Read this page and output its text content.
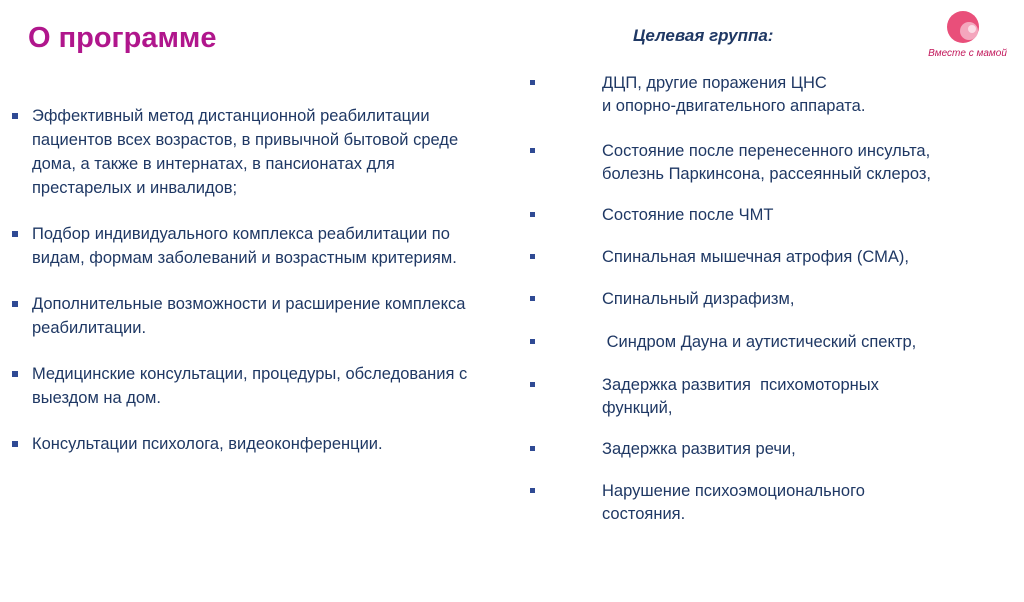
О программе
Эффективный метод дистанционной реабилитации пациентов всех возрастов, в привычной бытовой среде дома, а также в интернатах, в пансионатах для престарелых и инвалидов;
Подбор индивидуального комплекса реабилитации по видам, формам заболеваний и возрастным критериям.
Дополнительные возможности и расширение комплекса реабилитации.
Медицинские консультации, процедуры, обследования с выездом на дом.
Консультации психолога, видеоконференции.
Целевая группа:
ДЦП, другие поражения ЦНС
и опорно-двигательного аппарата.
Состояние после перенесенного инсульта,
болезнь Паркинсона, рассеянный склероз,
Состояние после ЧМТ
Спинальная мышечная атрофия (СМА),
Спинальный дизрафизм,
Синдром Дауна и аутистический спектр,
Задержка развития  психомоторных
функций,
Задержка развития речи,
Нарушение психоэмоционального
состояния.
Вместе с мамой
